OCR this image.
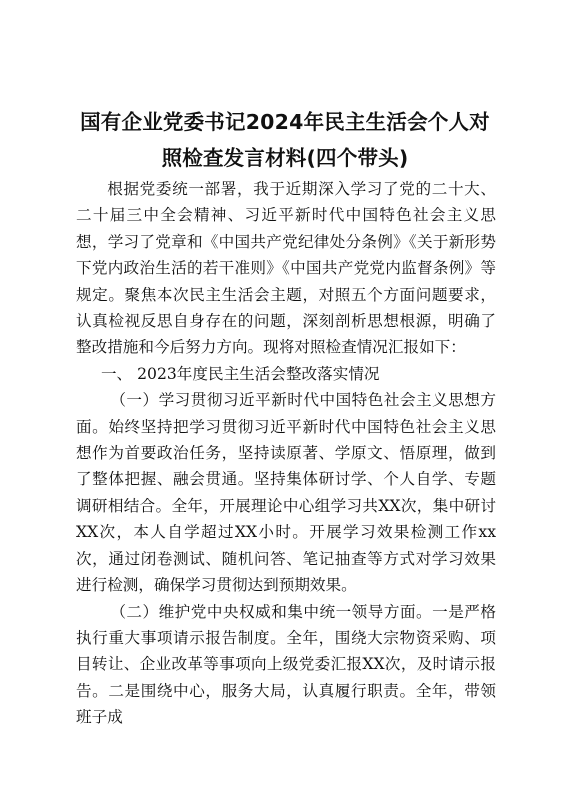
国有企业党委书记2024年民主生活会个人对
照检查发言材料(四个带头)

根据党委统一部署，我于近期深入学习了党的二十大、二十届三中全会精神、习近平新时代中国特色社会主义思想，学习了党章和《中国共产党纪律处分条例》《关于新形势下党内政治生活的若干准则》《中国共产党党内监督条例》等规定。聚焦本次民主生活会主题，对照五个方面问题要求，认真检视反思自身存在的问题，深刻剖析思想根源，明确了整改措施和今后努力方向。现将对照检查情况汇报如下：

一、 2023年度民主生活会整改落实情况

（一）学习贯彻习近平新时代中国特色社会主义思想方面。始终坚持把学习贯彻习近平新时代中国特色社会主义思想作为首要政治任务，坚持读原著、学原文、悟原理，做到了整体把握、融会贯通。坚持集体研讨学、个人自学、专题调研相结合。全年，开展理论中心组学习共XX次，集中研讨XX次，本人自学超过XX小时。开展学习效果检测工作xx次，通过闭卷测试、随机问答、笔记抽查等方式对学习效果进行检测，确保学习贯彻达到预期效果。

（二）维护党中央权威和集中统一领导方面。一是严格执行重大事项请示报告制度。全年，围绕大宗物资采购、项目转让、企业改革等事项向上级党委汇报XX次，及时请示报告。二是围绕中心，服务大局，认真履行职责。全年，带领班子成
